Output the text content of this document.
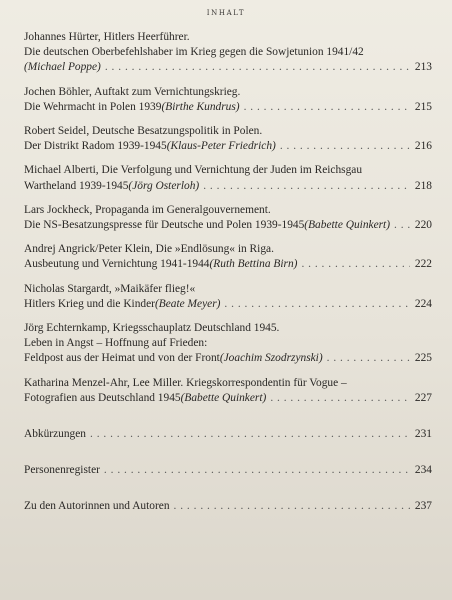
INHALT
Johannes Hürter, Hitlers Heerführer.
Die deutschen Oberbefehlshaber im Krieg gegen die Sowjetunion 1941/42
(Michael Poppe) . . .	213
Jochen Böhler, Auftakt zum Vernichtungskrieg.
Die Wehrmacht in Polen 1939 (Birthe Kundrus) . . .	215
Robert Seidel, Deutsche Besatzungspolitik in Polen.
Der Distrikt Radom 1939-1945 (Klaus-Peter Friedrich) . . .	216
Michael Alberti, Die Verfolgung und Vernichtung der Juden im Reichsgau
Wartheland 1939-1945 (Jörg Osterloh) . . .	218
Lars Jockheck, Propaganda im Generalgouvernement.
Die NS-Besatzungspresse für Deutsche und Polen 1939-1945 (Babette Quinkert) . . . 220
Andrej Angrick/Peter Klein, Die »Endlösung« in Riga.
Ausbeutung und Vernichtung 1941-1944 (Ruth Bettina Birn) . . .	222
Nicholas Stargardt, »Maikäfer flieg!«
Hitlers Krieg und die Kinder (Beate Meyer) . . .	224
Jörg Echternkamp, Kriegsschauplatz Deutschland 1945.
Leben in Angst – Hoffnung auf Frieden:
Feldpost aus der Heimat und von der Front (Joachim Szodrzynski) . . .	225
Katharina Menzel-Ahr, Lee Miller. Kriegskorrespondentin für Vogue –
Fotografien aus Deutschland 1945 (Babette Quinkert) . . .	227
Abkürzungen . . .	231
Personenregister . . .	234
Zu den Autorinnen und Autoren . . .	237
